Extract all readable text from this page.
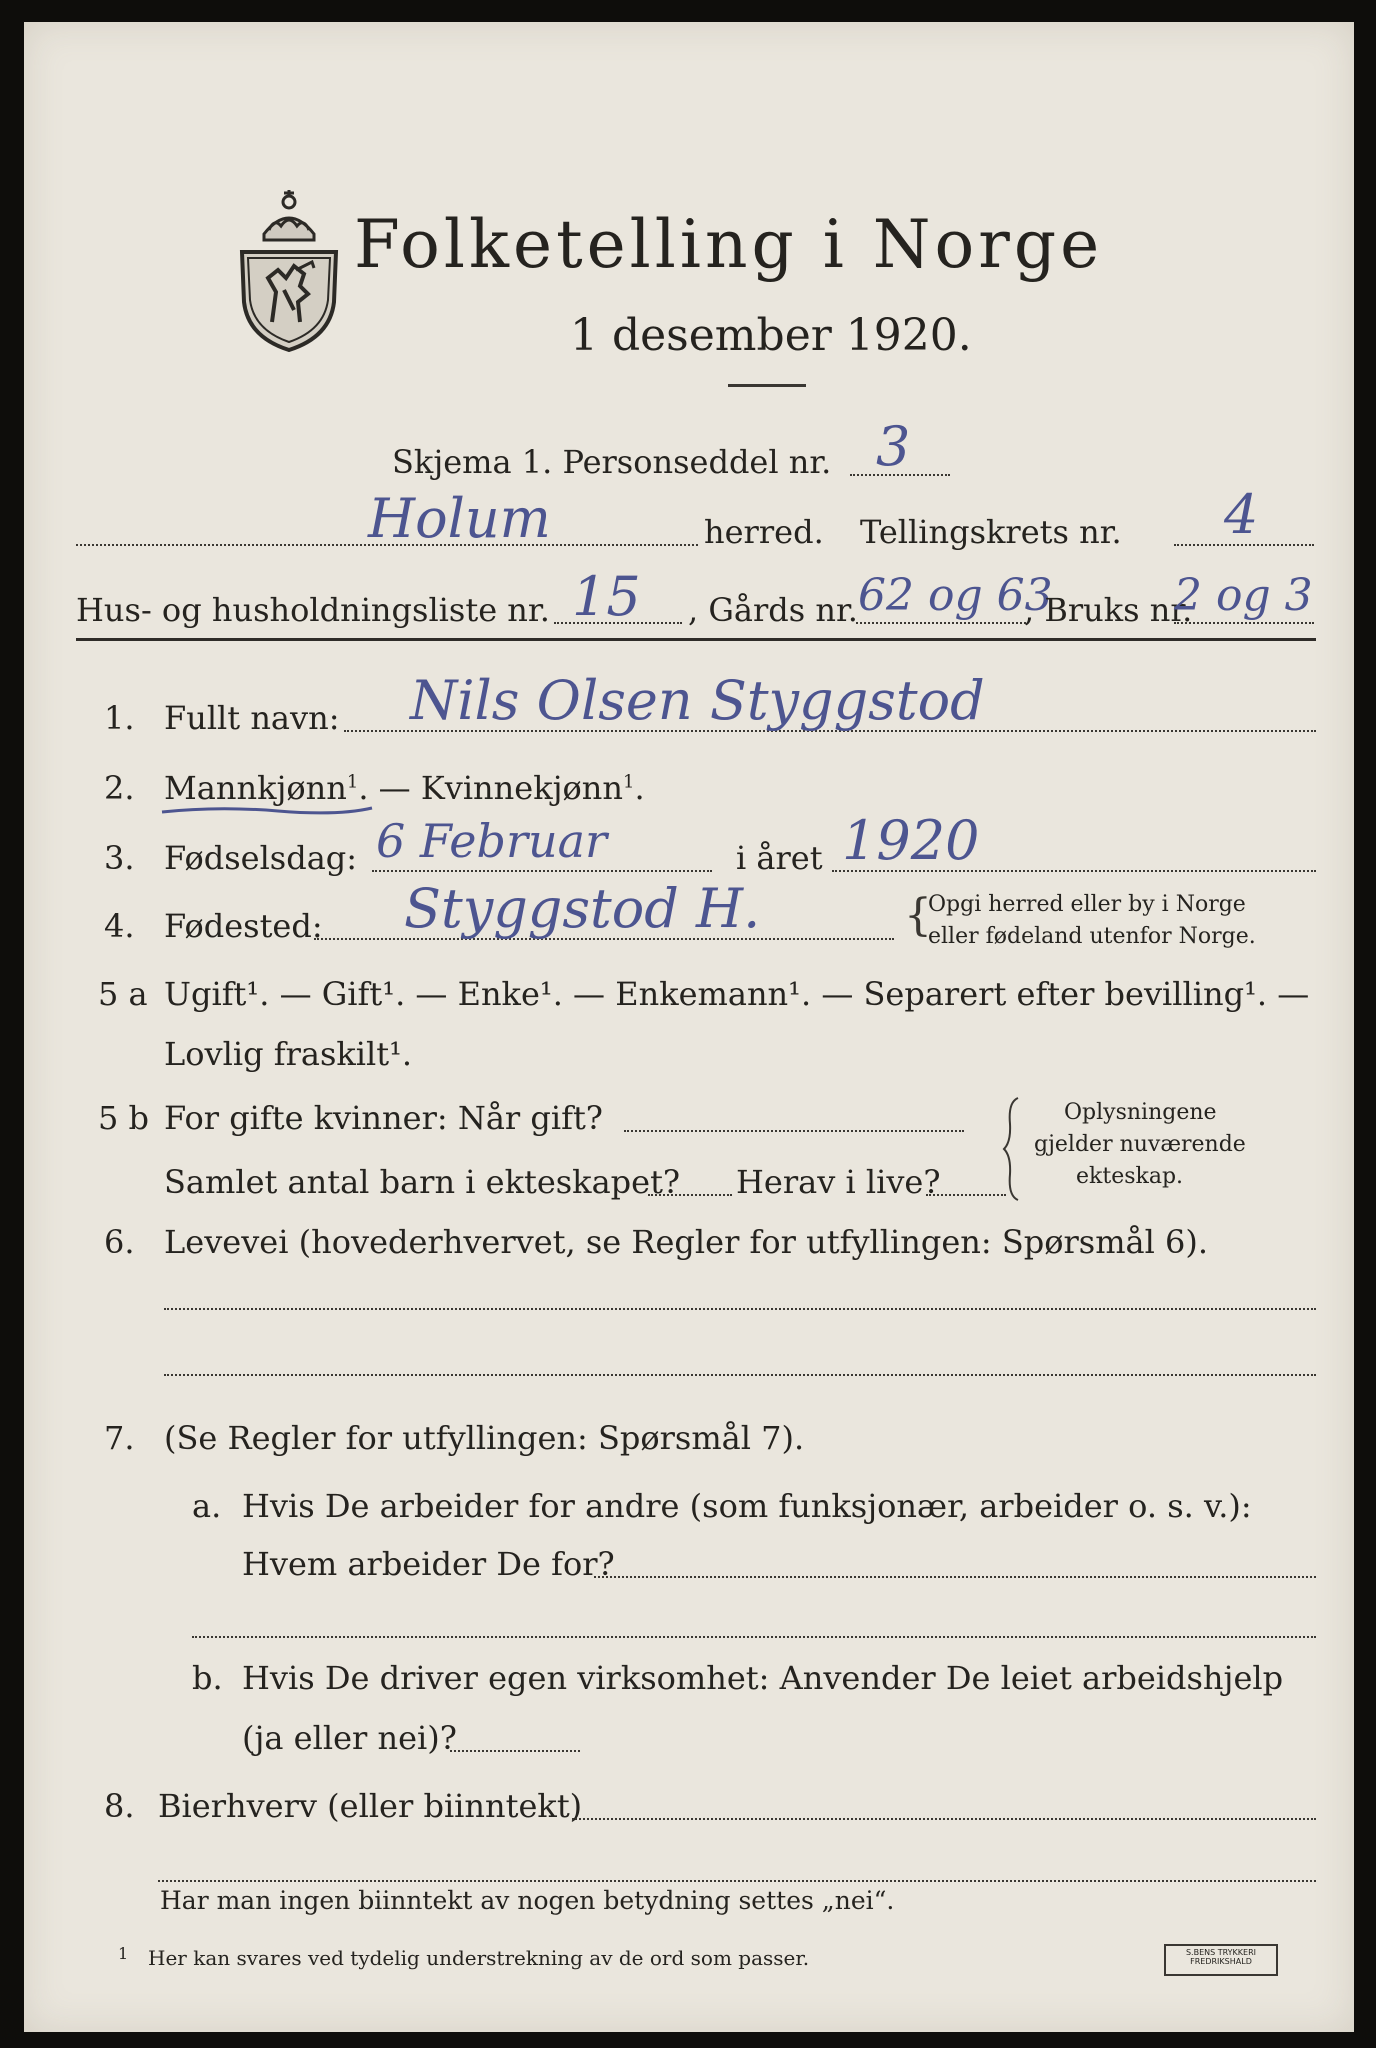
Folketelling i Norge
1 desember 1920.
Skjema 1. Personseddel nr. 3
Holum	herred. Tellingskrets nr. 4
Hus- og husholdningsliste nr. 15 , Gårds nr. 62 og 63
, Bruks nr.
2 og 3
1. Fullt navn: Nils Olsen Styggstod
2. Mannkjønn$^1$. — Kvinnekjønn$^1$.
3. Fødselsdag: 6 Februar	i året 1920
4. Fødested: Styggstod H.	{
Opgi herred eller by i Norge
eller fødeland utenfor Norge.
5 a Ugift¹. — Gift¹. — Enke¹. — Enkemann¹. — Separert efter bevilling¹. —
Lovlig fraskilt¹.
5 b For gifte kvinner: Når gift?
Samlet antal barn i ekteskapet? Herav i live?
Oplysningene
gjelder nuværende
ekteskap.
6. Levevei (hovederhvervet, se Regler for utfyllingen: Spørsmål 6).
7. (Se Regler for utfyllingen: Spørsmål 7).
a. Hvis De arbeider for andre (som funksjonær, arbeider o. s. v.):
Hvem arbeider De for?
b. Hvis De driver egen virksomhet: Anvender De leiet arbeidshjelp
(ja eller nei)?
8. Bierhverv (eller biinntekt)
Har man ingen biinntekt av nogen betydning settes „nei“.
1 Her kan svares ved tydelig understrekning av de ord som passer.	S.BENS TRYKKERI FREDRIKSHALD
